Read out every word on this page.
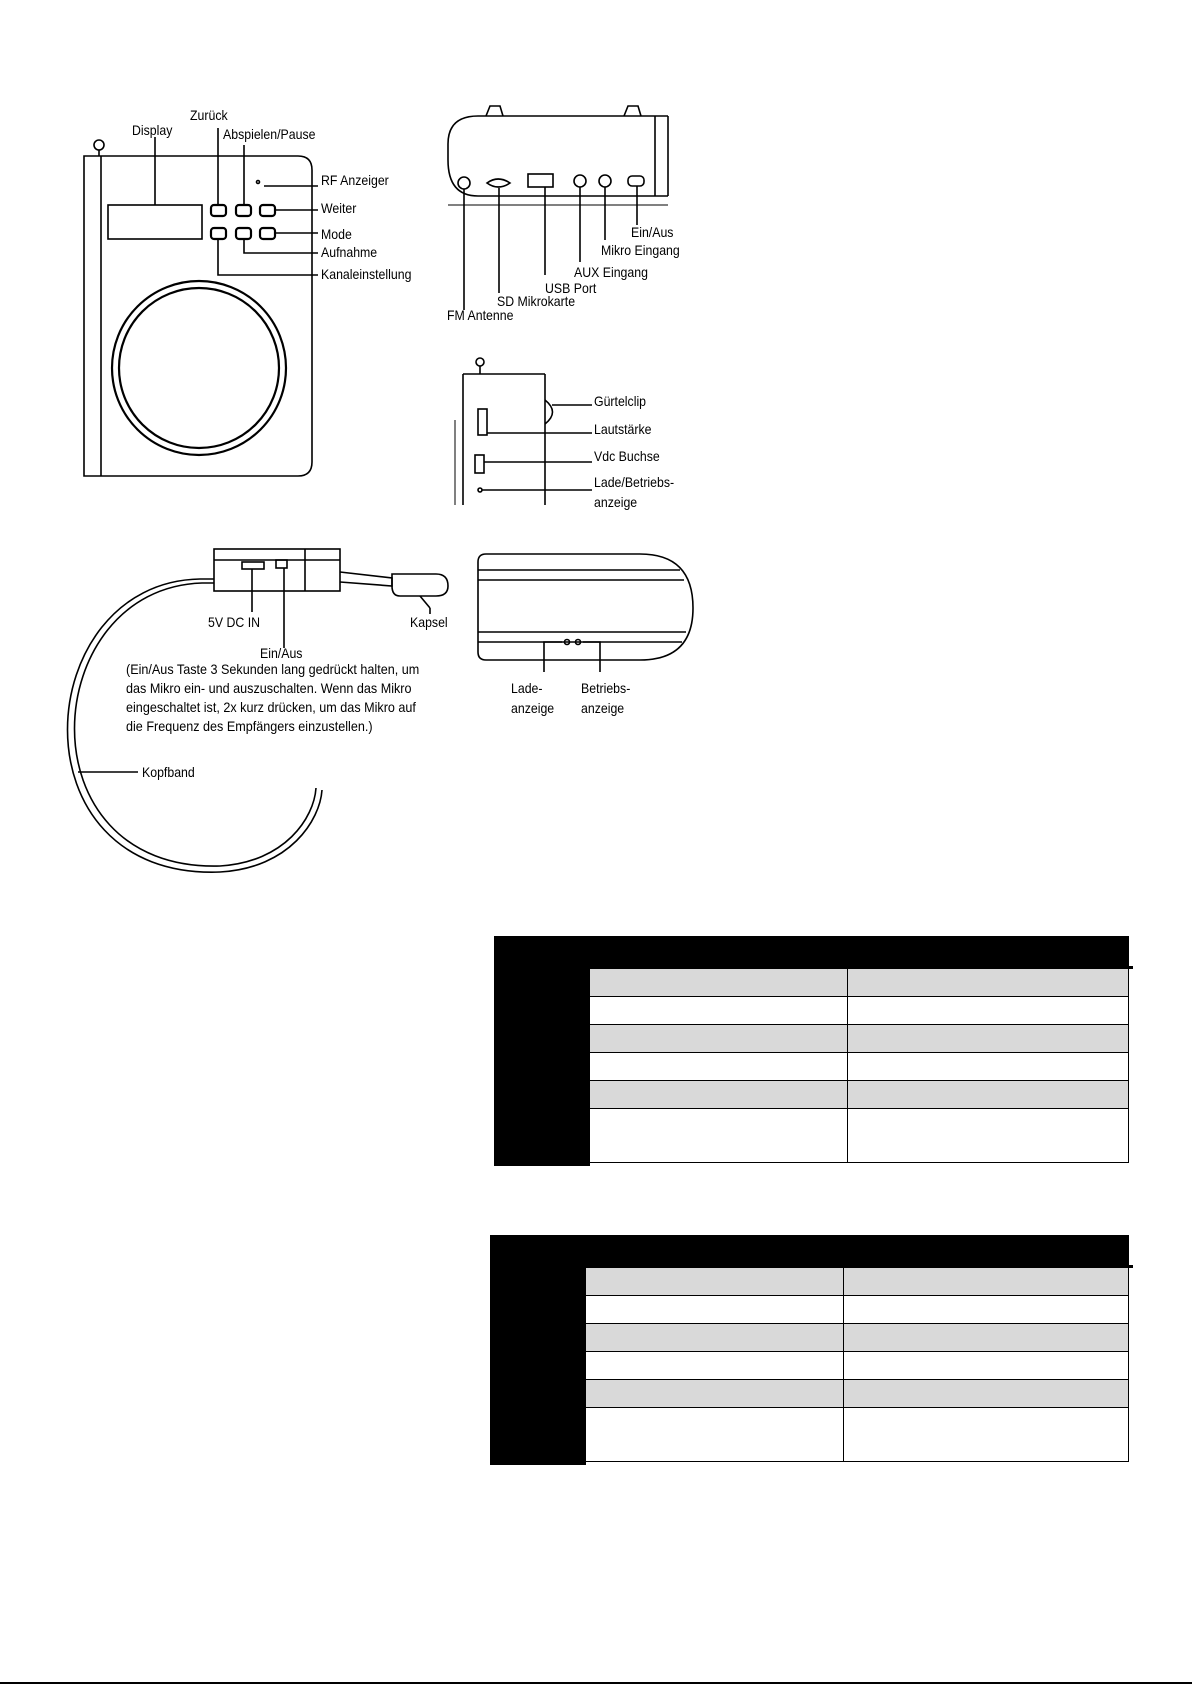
Display
Zurück
Abspielen/Pause
RF Anzeiger
Weiter
Mode
Aufnahme
Kanaleinstellung
Ein/Aus
Mikro Eingang
AUX Eingang
USB Port
SD Mikrokarte
FM Antenne
Gürtelclip
Lautstärke
Vdc Buchse
Lade/Betriebs-
anzeige
5V DC IN	Kapsel
Ein/Aus
(Ein/Aus Taste 3 Sekunden lang gedrückt halten, um das Mikro ein- und auszuschalten. Wenn das Mikro eingeschaltet ist, 2x kurz drücken, um das Mikro auf die Frequenz des Empfängers einzustellen.)
Kopfband
Lade-
anzeige
Betriebs-
anzeige
